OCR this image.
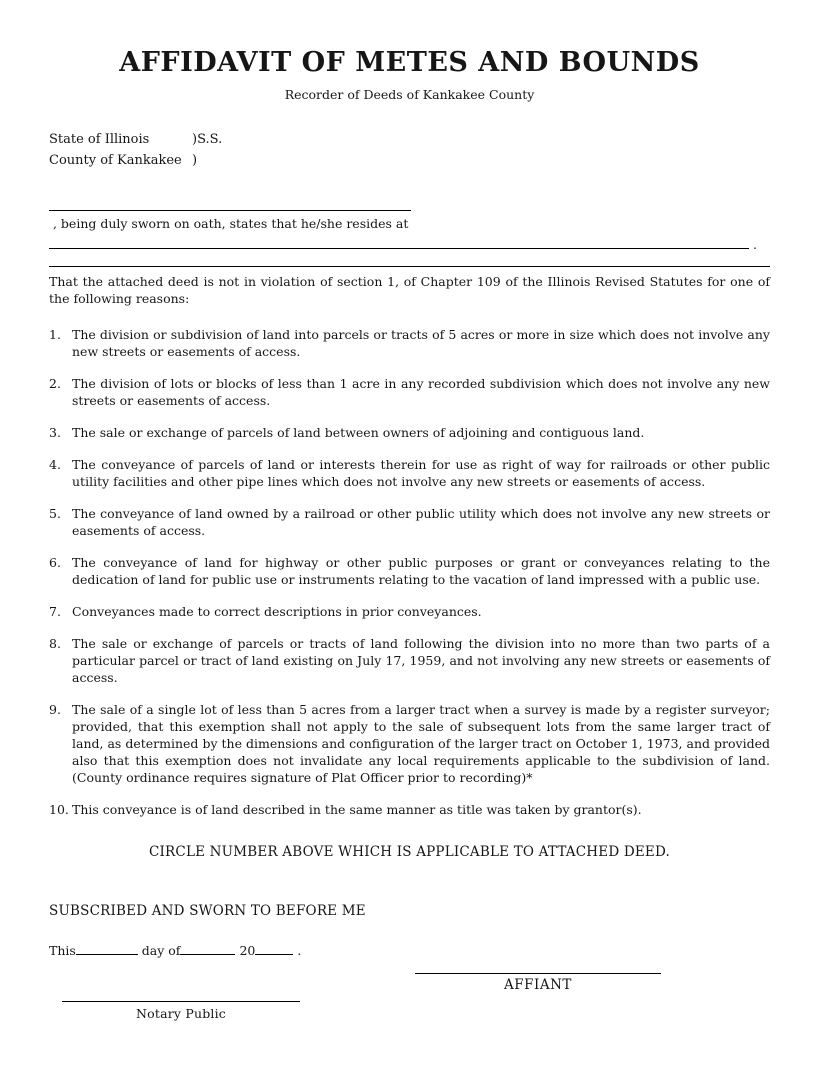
AFFIDAVIT OF METES AND BOUNDS
Recorder of Deeds of Kankakee County
State of Illinois	)S.S.
County of Kankakee )
, being duly sworn on oath, states that he/she resides at
.
That the attached deed is not in violation of section 1, of Chapter 109 of the Illinois Revised Statutes for one of the following reasons:
1. The division or subdivision of land into parcels or tracts of 5 acres or more in size which does not involve any new streets or easements of access.
2. The division of lots or blocks of less than 1 acre in any recorded subdivision which does not involve any new streets or easements of access.
3. The sale or exchange of parcels of land between owners of adjoining and contiguous land.
4. The conveyance of parcels of land or interests therein for use as right of way for railroads or other public utility facilities and other pipe lines which does not involve any new streets or easements of access.
5. The conveyance of land owned by a railroad or other public utility which does not involve any new streets or easements of access.
6. The conveyance of land for highway or other public purposes or grant or conveyances relating to the dedication of land for public use or instruments relating to the vacation of land impressed with a public use.
7. Conveyances made to correct descriptions in prior conveyances.
8. The sale or exchange of parcels or tracts of land following the division into no more than two parts of a particular parcel or tract of land existing on July 17, 1959, and not involving any new streets or easements of access.
9. The sale of a single lot of less than 5 acres from a larger tract when a survey is made by a register surveyor; provided, that this exemption shall not apply to the sale of subsequent lots from the same larger tract of land, as determined by the dimensions and configuration of the larger tract on October 1, 1973, and provided also that this exemption does not invalidate any local requirements applicable to the subdivision of land. (County ordinance requires signature of Plat Officer prior to recording)*
10. This conveyance is of land described in the same manner as title was taken by grantor(s).
CIRCLE NUMBER ABOVE WHICH IS APPLICABLE TO ATTACHED DEED.
SUBSCRIBED AND SWORN TO BEFORE ME
This	day of	20	.
AFFIANT
Notary Public
